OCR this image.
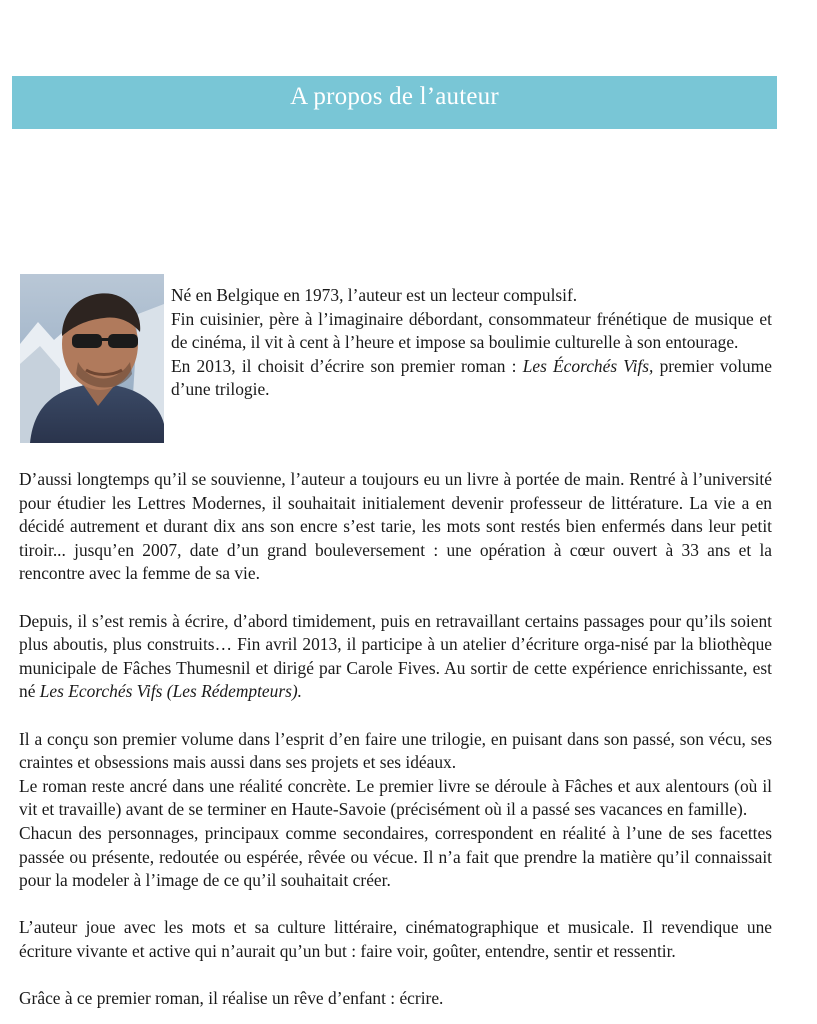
A propos de l’auteur

Né en Belgique en 1973, l’auteur est un lecteur compulsif.

Fin cuisinier, père à l’imaginaire débordant, consommateur frénétique de musique et de cinéma, il vit à cent à l’heure et impose sa boulimie culturelle à son entourage.

En 2013, il choisit d’écrire son premier roman : Les Écorchés Vifs, premier volume d’une trilogie.

D’aussi longtemps qu’il se souvienne, l’auteur a toujours eu un livre à portée de main. Rentré à l’université pour étudier les Lettres Modernes, il souhaitait initialement devenir professeur de littérature. La vie a en décidé autrement et durant dix ans son encre s’est tarie, les mots sont restés bien enfermés dans leur petit tiroir... jusqu’en 2007, date d’un grand bouleversement : une opération à cœur ouvert à 33 ans et la rencontre avec la femme de sa vie.

Depuis, il s’est remis à écrire, d’abord timidement, puis en retravaillant certains passages pour qu’ils soient plus aboutis, plus construits… Fin avril 2013, il participe à un atelier d’écriture orga-nisé par la bliothèque municipale de Fâches Thumesnil et dirigé par Carole Fives. Au sortir de cette expérience enrichissante, est né Les Ecorchés Vifs (Les Rédempteurs).

Il a conçu son premier volume dans l’esprit d’en faire une trilogie, en puisant dans son passé, son vécu, ses craintes et obsessions mais aussi dans ses projets et ses idéaux.

Le roman reste ancré dans une réalité concrète. Le premier livre se déroule à Fâches et aux alentours (où il vit et travaille) avant de se terminer en Haute-Savoie (précisément où il a passé ses vacances en famille).

Chacun des personnages, principaux comme secondaires, correspondent en réalité à l’une de ses facettes passée ou présente, redoutée ou espérée, rêvée ou vécue. Il n’a fait que prendre la matière qu’il connaissait pour la modeler à l’image de ce qu’il souhaitait créer.

L’auteur joue avec les mots et sa culture littéraire, cinématographique et musicale. Il revendique une écriture vivante et active qui n’aurait qu’un but : faire voir, goûter, entendre, sentir et ressentir.

Grâce à ce premier roman, il réalise un rêve d’enfant : écrire.
